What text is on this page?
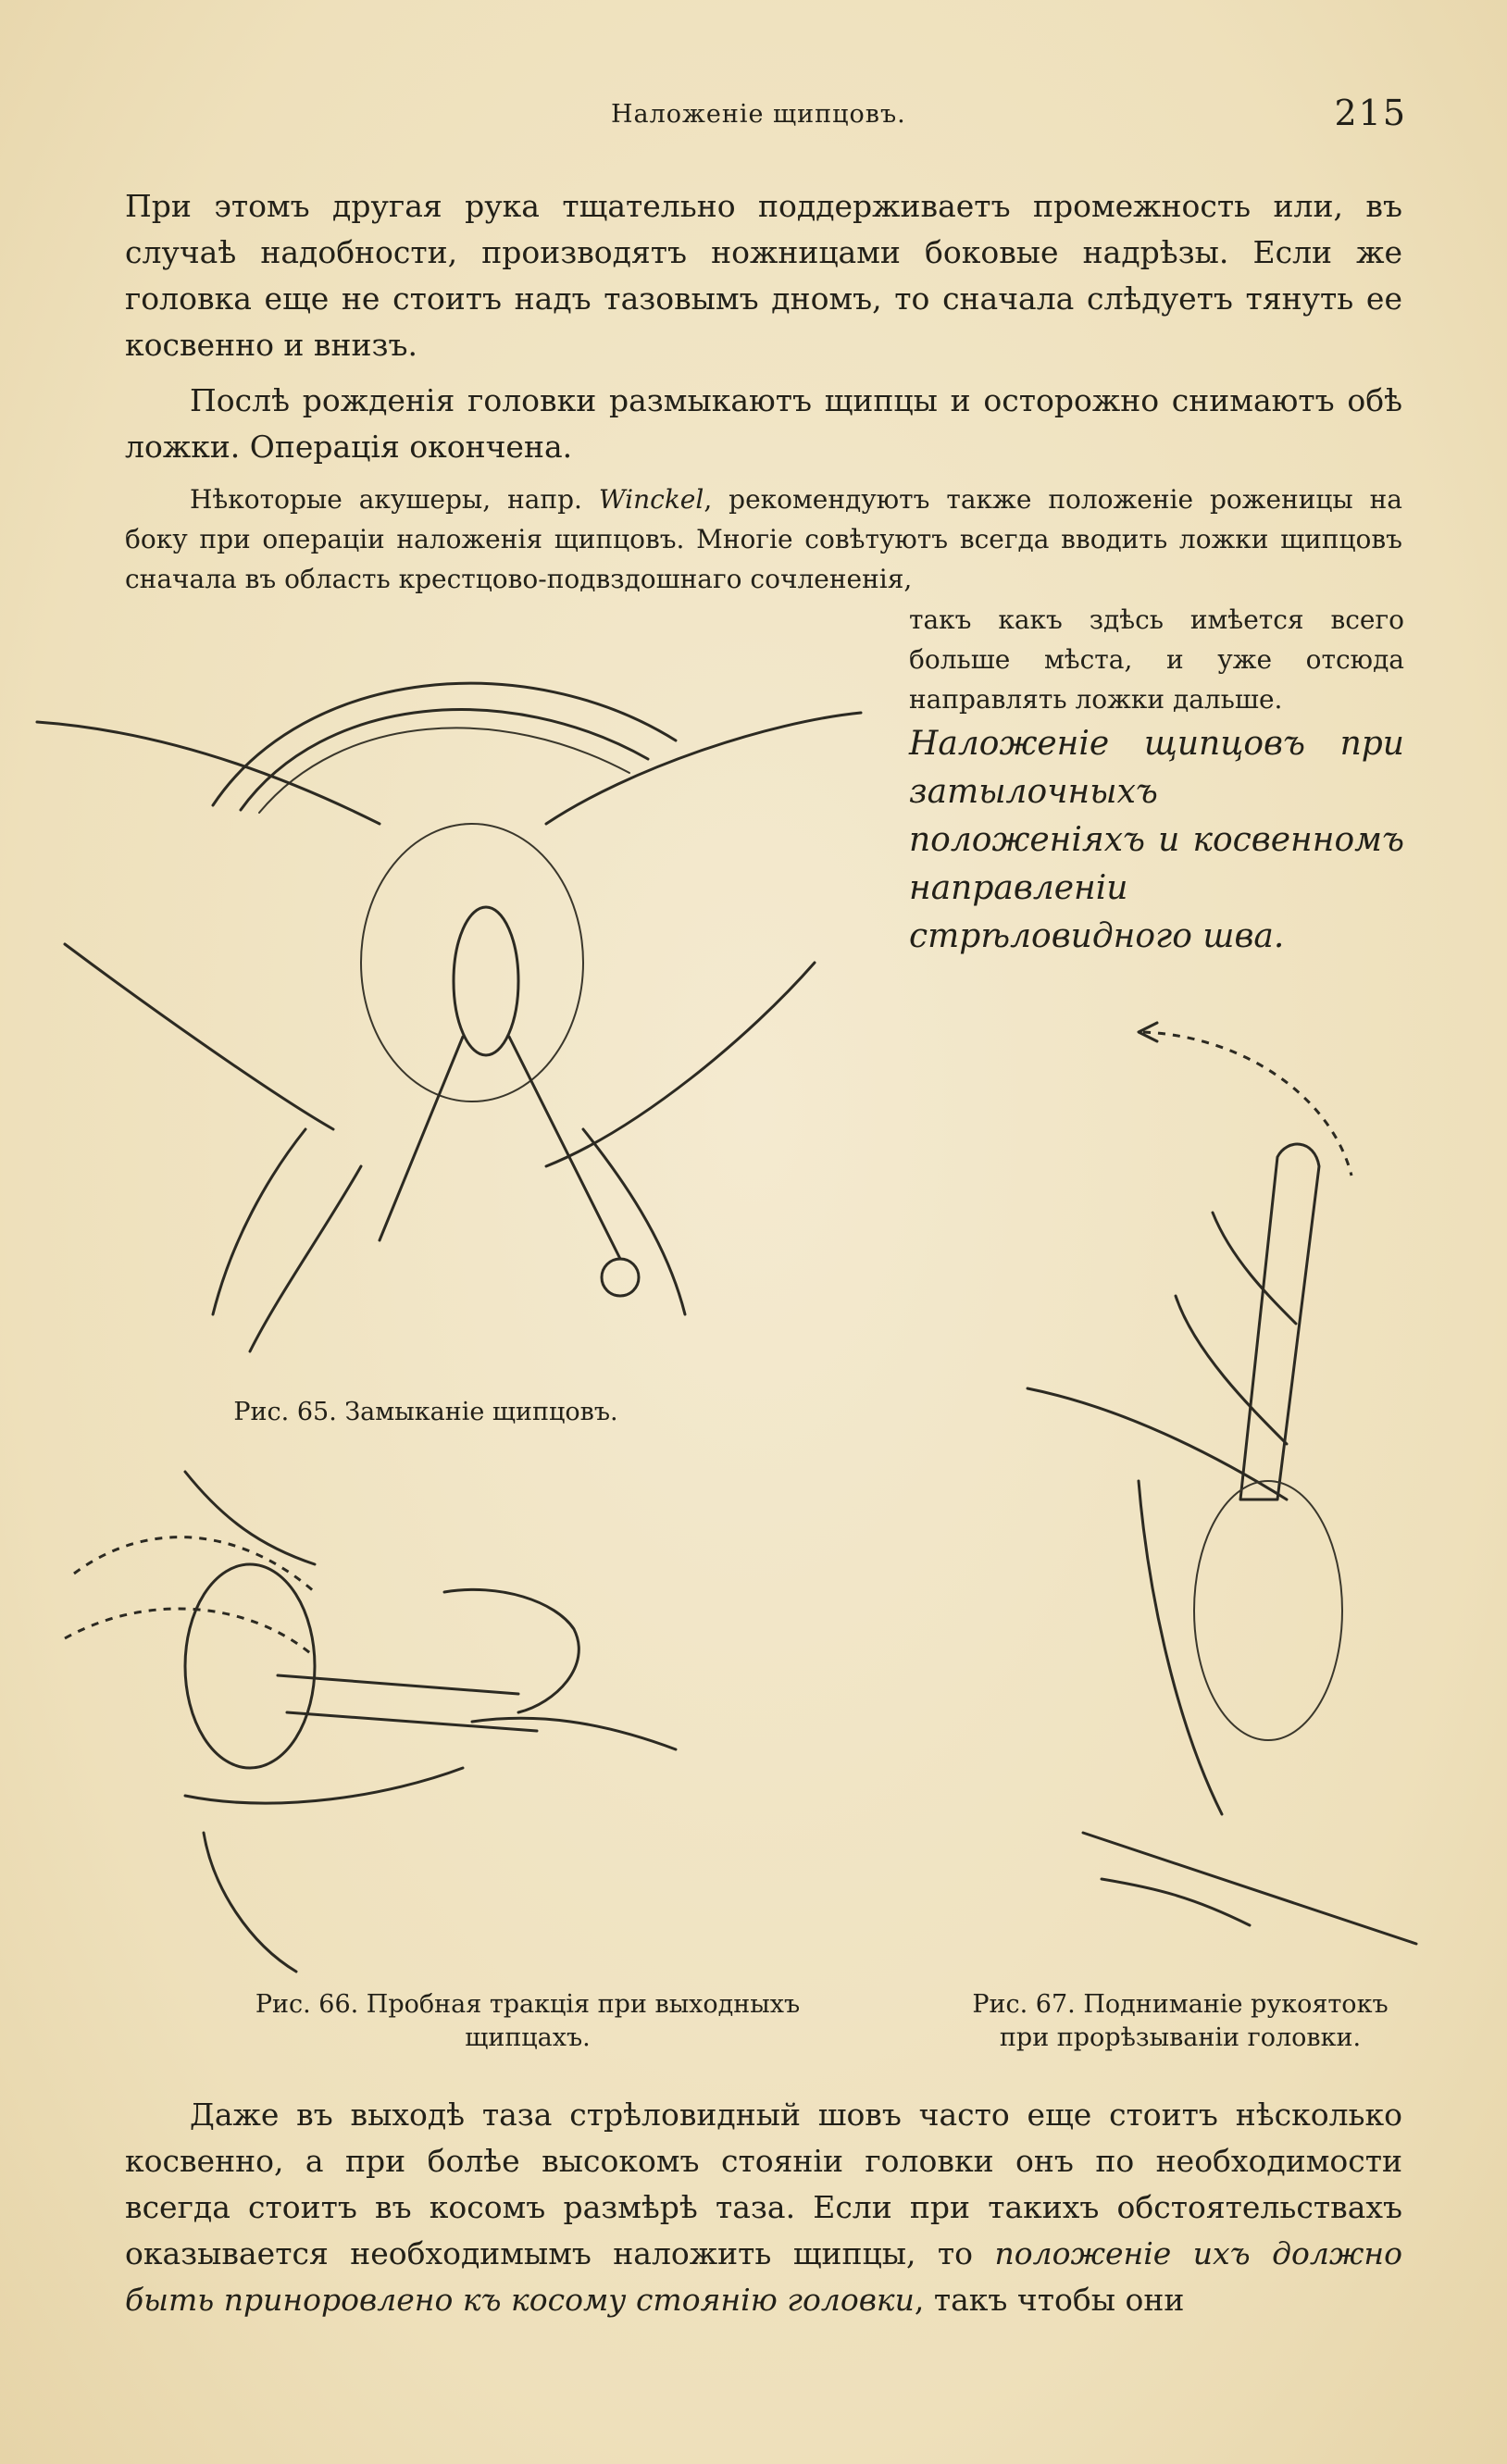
Наложеніе щипцовъ.	215

При этомъ другая рука тщательно поддерживаетъ промежность или, въ случаѣ надобности, производятъ ножницами боковые надрѣзы. Если же головка еще не стоитъ надъ тазовымъ дномъ, то сначала слѣдуетъ тянуть ее косвенно и внизъ.

Послѣ рожденія головки размыкаютъ щипцы и осторожно снимаютъ обѣ ложки. Операція окончена.

Нѣкоторые акушеры, напр. Winckel, рекомендуютъ также положеніе роженицы на боку при операціи наложенія щипцовъ. Многіе совѣтуютъ всегда вводить ложки щипцовъ сначала въ область крестцово-подвздошнаго сочлененія,

такъ какъ здѣсь имѣется всего больше мѣста, и уже отсюда направлять ложки дальше.

Наложеніе щипцовъ при затылочныхъ положеніяхъ и косвенномъ направленіи стрѣловидного шва.

Рис. 65. Замыканіе щипцовъ.

Рис. 66. Пробная тракція при выходныхъ
щипцахъ.

Рис. 67. Подниманіе рукоятокъ
при прорѣзываніи головки.

Даже въ выходѣ таза стрѣловидный шовъ часто еще стоитъ нѣсколько косвенно, а при болѣе высокомъ стояніи головки онъ по необходимости всегда стоитъ въ косомъ размѣрѣ таза. Если при такихъ обстоятельствахъ оказывается необходимымъ наложить щипцы, то положеніе ихъ должно быть приноровлено къ косому стоянію головки, такъ чтобы они
